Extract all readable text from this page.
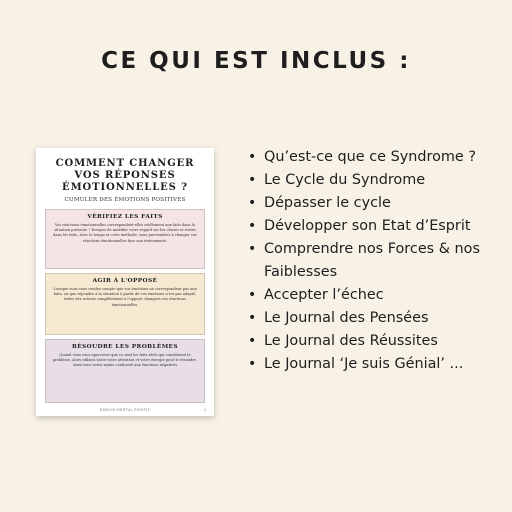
CE QUI EST INCLUS :
COMMENT CHANGER
VOS RÉPONSES
ÉMOTIONNELLES ?
CUMULER DES ÉMOTIONS POSITIVES
VÉRIFIEZ LES FAITS
Vos réactions émotionnelles correspondent-elles réellement aux faits dans la situation présente ? Essayez de modifier votre regard sur les choses et restez dans les faits. Avec le temps et cette méthode, vous parviendrez à changer vos réactions émotionnelles face aux événements.
AGIR À L'OPPOSÉ
Lorsque vous vous rendez compte que vos émotions ne correspondent pas aux faits, ou que répondre à la situation à partir de vos émotions n'est pas adapté, faites des actions complètement à l'opposé changera vos réactions émotionnelles.
RÉSOUDRE LES PROBLÈMES
Quand vous vous apercevez que ce sont les faits réels qui constituent le problème, alors utilisez toute votre attention et votre énergie pour le résoudre. Ainsi vous serez moins confronté aux émotions négatives
ESPACE MENTAL POSITIF	3
• Qu’est-ce que ce Syndrome ?
• Le Cycle du Syndrome
• Dépasser le cycle
• Développer son Etat d’Esprit
• Comprendre nos Forces & nos Faiblesses
• Accepter l’échec
• Le Journal des Pensées
• Le Journal des Réussites
• Le Journal ‘Je suis Génial’ ...
